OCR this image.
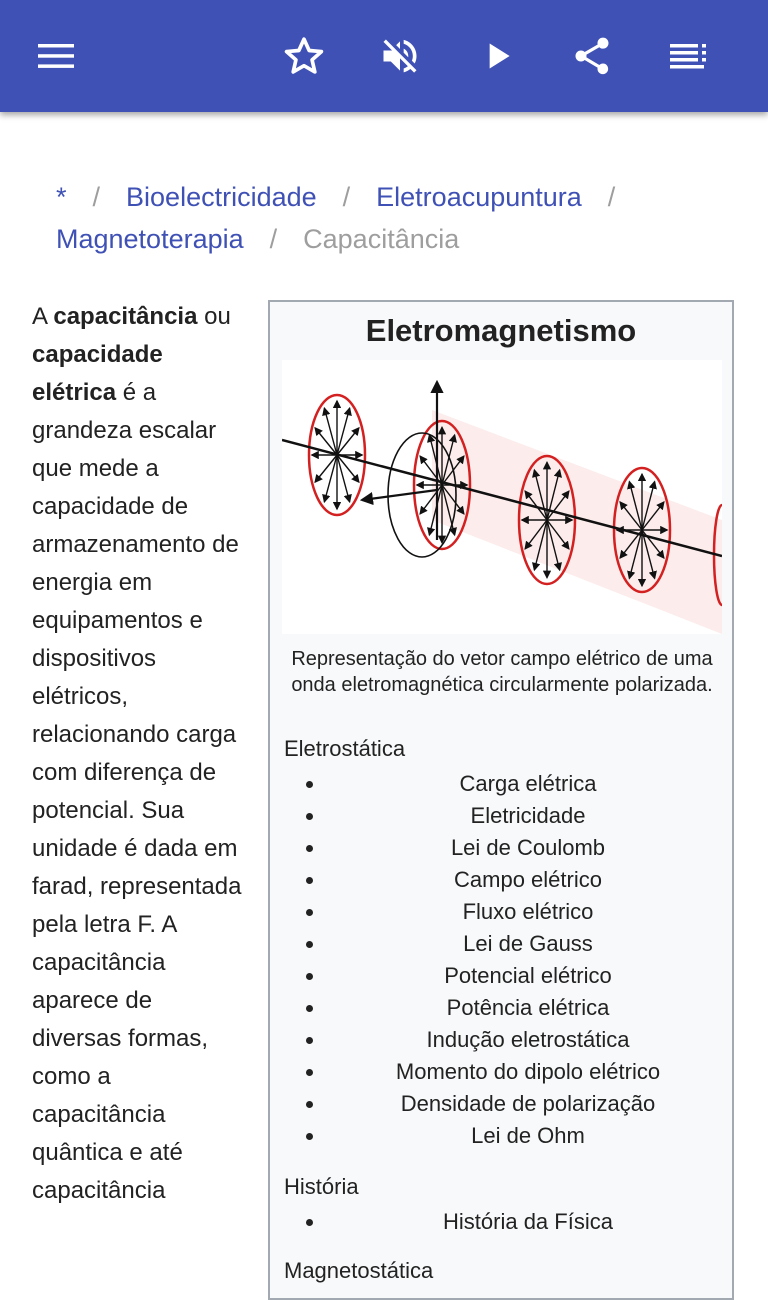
* / Bioelectricidade / Eletroacupuntura /
Magnetoterapia / Capacitância
A capacitância ou capacidade elétrica é a grandeza escalar que mede a capacidade de armazenamento de energia em equipamentos e dispositivos elétricos, relacionando carga com diferença de potencial. Sua unidade é dada em farad, representada pela letra F. A capacitância aparece de diversas formas, como a capacitância quântica e até capacitância
Eletromagnetismo
Representação do vetor campo elétrico de uma onda eletromagnética circularmente polarizada.
Eletrostática
Carga elétrica
Eletricidade
Lei de Coulomb
Campo elétrico
Fluxo elétrico
Lei de Gauss
Potencial elétrico
Potência elétrica
Indução eletrostática
Momento do dipolo elétrico
Densidade de polarização
Lei de Ohm
História
História da Física
Magnetostática
